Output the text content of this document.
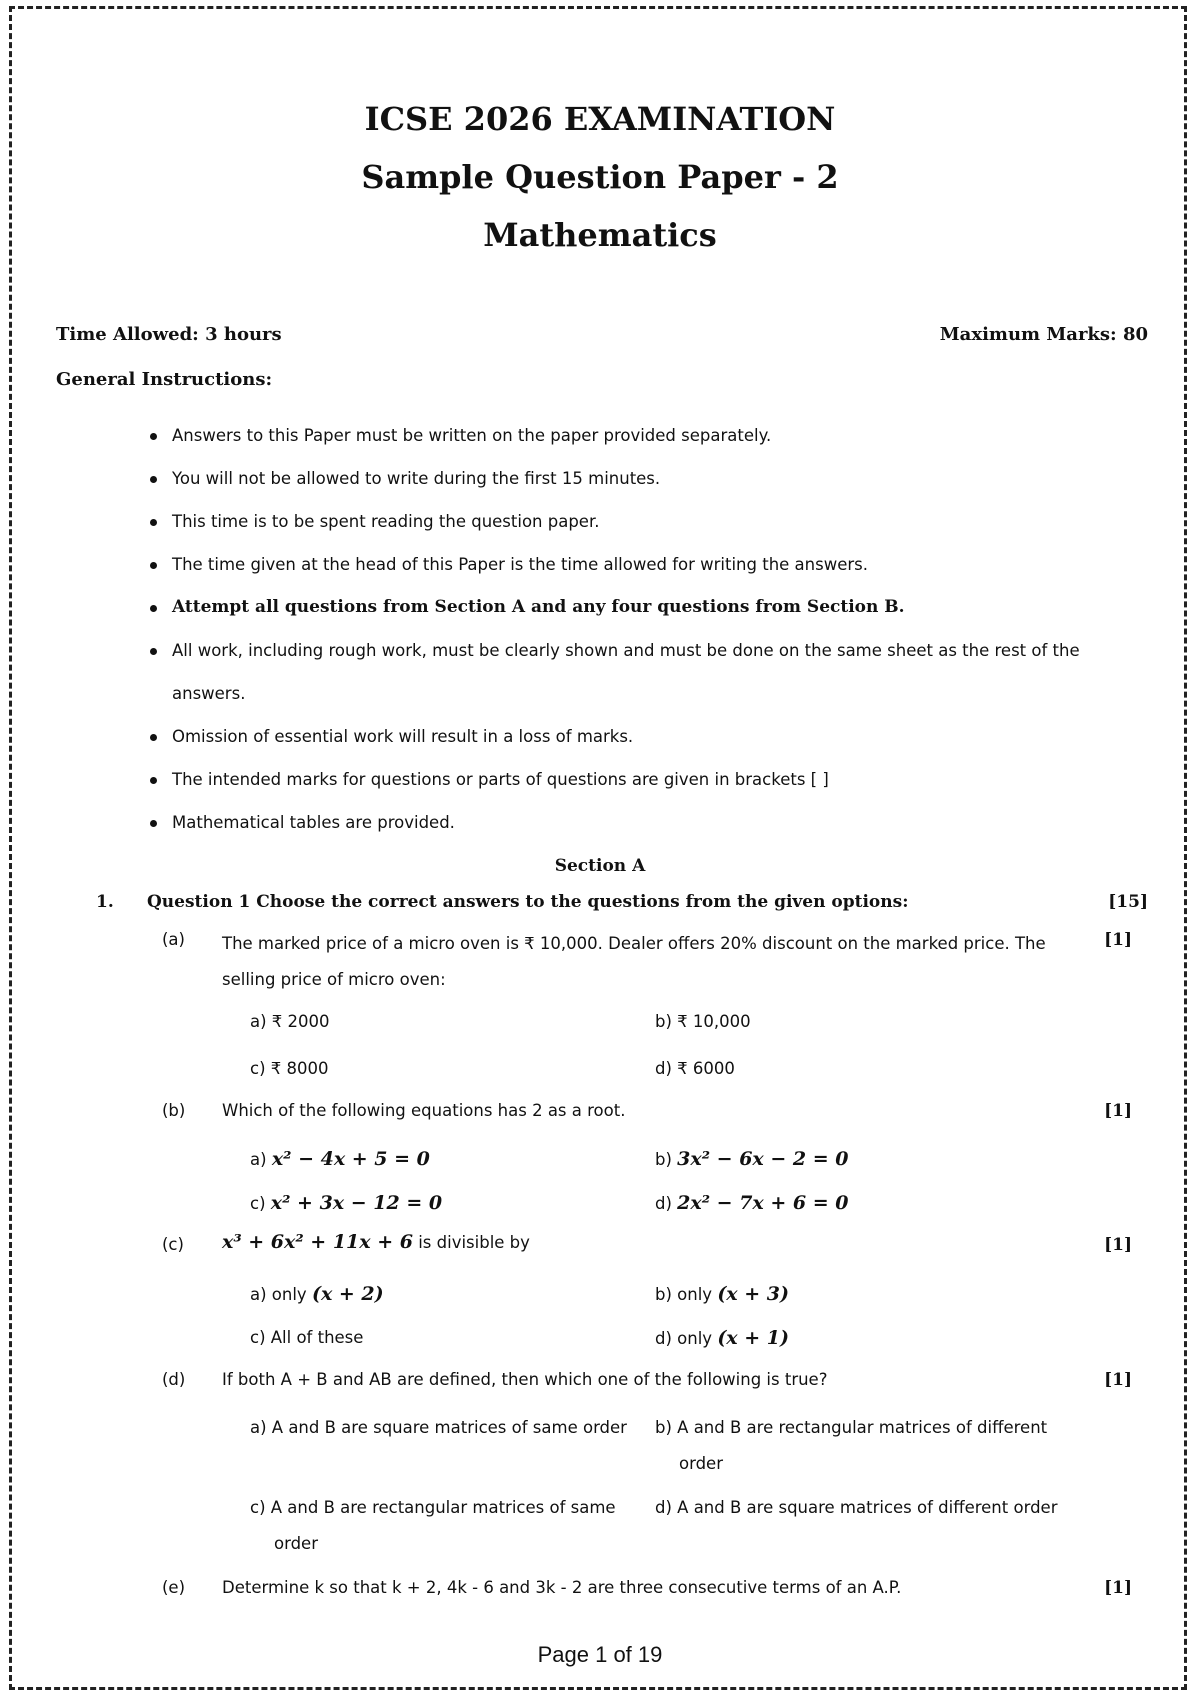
ICSE 2026 EXAMINATION
Sample Question Paper - 2
Mathematics
Time Allowed: 3 hours	Maximum Marks: 80
General Instructions:
Answers to this Paper must be written on the paper provided separately.
You will not be allowed to write during the first 15 minutes.
This time is to be spent reading the question paper.
The time given at the head of this Paper is the time allowed for writing the answers.
Attempt all questions from Section A and any four questions from Section B.
All work, including rough work, must be clearly shown and must be done on the same sheet as the rest of the answers.
Omission of essential work will result in a loss of marks.
The intended marks for questions or parts of questions are given in brackets [ ]
Mathematical tables are provided.
Section A
1. Question 1 Choose the correct answers to the questions from the given options:	[15]
(a) The marked price of a micro oven is ₹ 10,000. Dealer offers 20% discount on the marked price. The selling price of micro oven:
[1]
a) ₹ 2000	b) ₹ 10,000
c) ₹ 8000	d) ₹ 6000
(b) Which of the following equations has 2 as a root.	[1]
a) x² − 4x + 5 = 0	b) 3x² − 6x − 2 = 0
c) x² + 3x − 12 = 0	d) 2x² − 7x + 6 = 0
(c) x³ + 6x² + 11x + 6 is divisible by	[1]
a) only (x + 2)	b) only (x + 3)
c) All of these	d) only (x + 1)
(d) If both A + B and AB are defined, then which one of the following is true?	[1]
a) A and B are square matrices of same order	b) A and B are rectangular matrices of different order
c) A and B are rectangular matrices of same order
d) A and B are square matrices of different order
(e) Determine k so that k + 2, 4k - 6 and 3k - 2 are three consecutive terms of an A.P.	[1]
Page 1 of 19
